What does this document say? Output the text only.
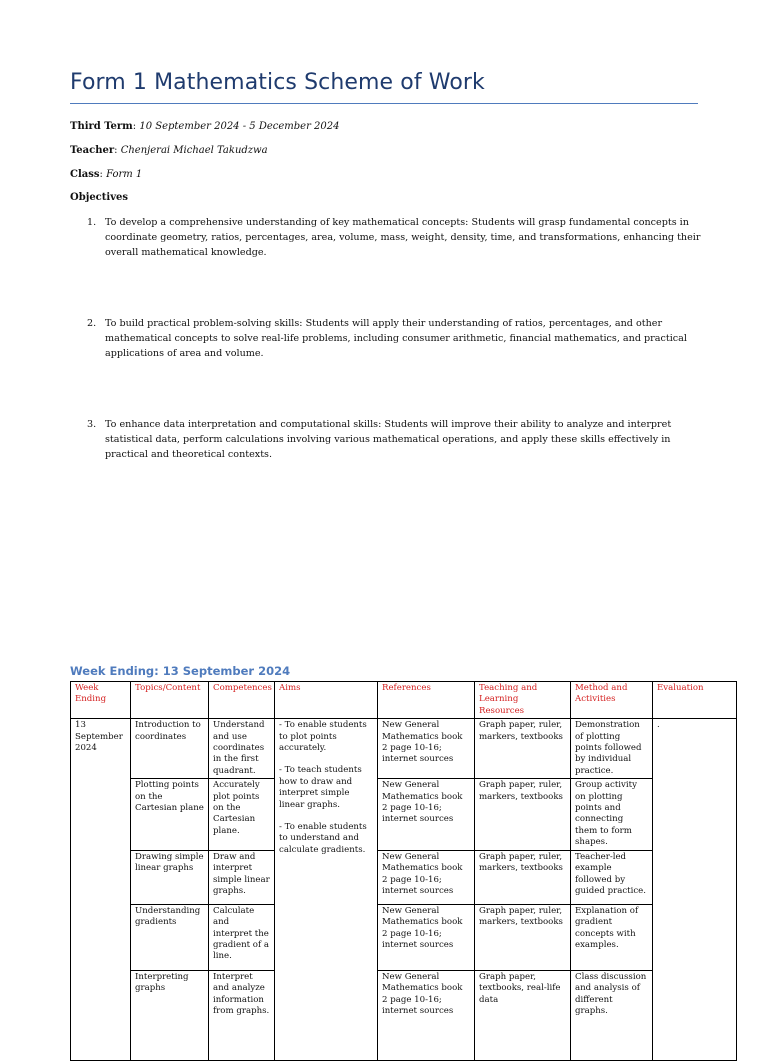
Form 1 Mathematics Scheme of Work
Third Term: 10 September 2024 - 5 December 2024
Teacher: Chenjerai Michael Takudzwa
Class: Form 1
Objectives
1. To develop a comprehensive understanding of key mathematical concepts: Students will grasp fundamental concepts in coordinate geometry, ratios, percentages, area, volume, mass, weight, density, time, and transformations, enhancing their overall mathematical knowledge.
2. To build practical problem-solving skills: Students will apply their understanding of ratios, percentages, and other mathematical concepts to solve real-life problems, including consumer arithmetic, financial mathematics, and practical applications of area and volume.
3. To enhance data interpretation and computational skills: Students will improve their ability to analyze and interpret statistical data, perform calculations involving various mathematical operations, and apply these skills effectively in practical and theoretical contexts.
Week Ending: 13 September 2024
Week Ending	Topics/Content	Competences	Aims	References	Teaching and Learning Resources	Method and Activities	Evaluation
13 September 2024	Introduction to coordinates	Understand and use coordinates in the first quadrant.	- To enable students to plot points accurately.
- To teach students how to draw and interpret simple linear graphs.
- To enable students to understand and calculate gradients.	New General Mathematics book 2 page 10-16; internet sources	Graph paper, ruler, markers, textbooks	Demonstration of plotting points followed by individual practice.	.
	Plotting points on the Cartesian plane	Accurately plot points on the Cartesian plane.		New General Mathematics book 2 page 10-16; internet sources	Graph paper, ruler, markers, textbooks	Group activity on plotting points and connecting them to form shapes.	
	Drawing simple linear graphs	Draw and interpret simple linear graphs.		New General Mathematics book 2 page 10-16; internet sources	Graph paper, ruler, markers, textbooks	Teacher-led example followed by guided practice.	
	Understanding gradients	Calculate and interpret the gradient of a line.		New General Mathematics book 2 page 10-16; internet sources	Graph paper, ruler, markers, textbooks	Explanation of gradient concepts with examples.	
	Interpreting graphs	Interpret and analyze information from graphs.		New General Mathematics book 2 page 10-16; internet sources	Graph paper, textbooks, real-life data	Class discussion and analysis of different graphs.	
